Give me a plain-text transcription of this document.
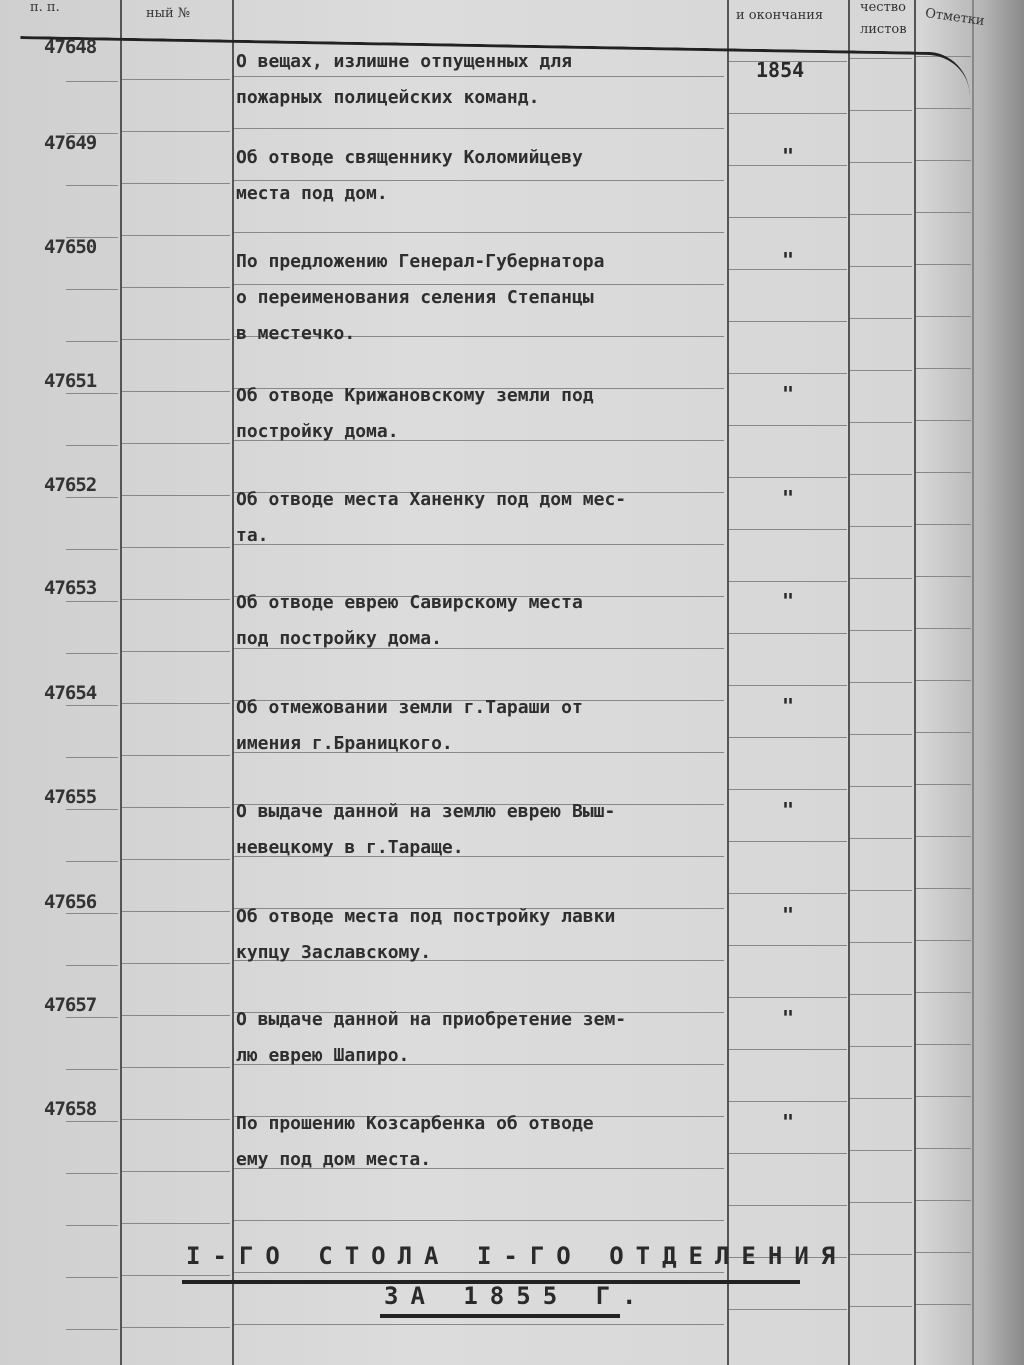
п. п.	ный №	и окончания
чество
листов
Отметки
47648
О вещах, излишне отпущенных для
пожарных полицейских команд.
1854
47649
Об отводе священнику Коломийцеву
места под дом.
"
47650
По предложению Генерал-Губернатора
о переименования селения Степанцы
в местечко.
"
47651
Об отводе Крижановскому земли под
постройку дома.
"
47652
Об отводе места Ханенку под дом мес-
та.
"
47653
Об отводе еврею Савирскому места
под постройку дома.
"
47654
Об отмежовании земли г.Тараши от
имения г.Браницкого.
"
47655
О выдаче данной на землю еврею Выш-
невецкому в г.Таращe.
"
47656
Об отводе места под постройку лавки
купцу Заславскому.
"
47657
О выдаче данной на приобретение зем-
лю еврею Шапиро.
"
47658
По прошению Козсарбенка об отводе
ему под дом места.
"
I-ГО СТОЛА I-ГО ОТДЕЛЕНИЯ
ЗА 1855 Г.
